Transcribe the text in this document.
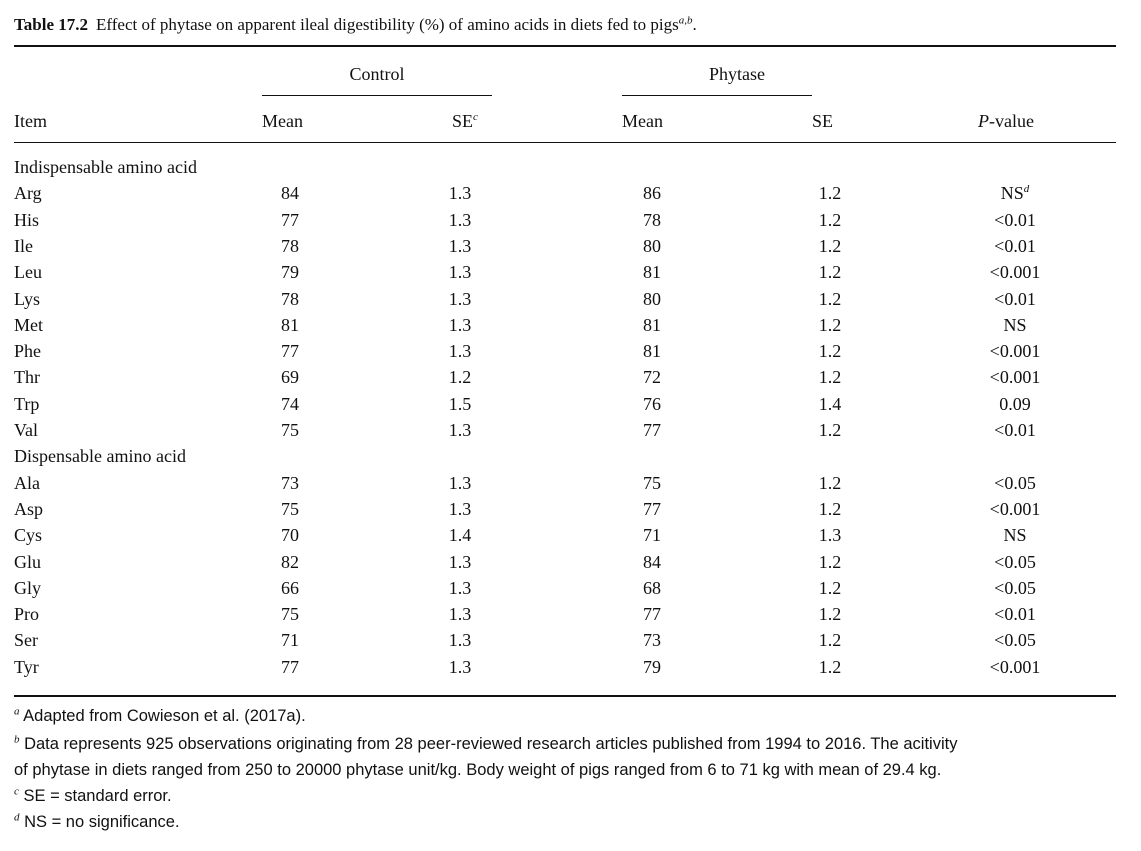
Table 17.2 Effect of phytase on apparent ileal digestibility (%) of amino acids in diets fed to pigs$^{a,b}$.
Control	Phytase
Item	Mean	$SE^c$	Mean	SE	P-value
Indispensable amino acid
Arg	84	1.3	86	1.2	$NS^d$
His	77	1.3	78	1.2	<0.01
Ile	78	1.3	80	1.2	<0.01
Leu	79	1.3	81	1.2	<0.001
Lys	78	1.3	80	1.2	<0.01
Met	81	1.3	81	1.2	NS
Phe	77	1.3	81	1.2	<0.001
Thr	69	1.2	72	1.2	<0.001
Trp	74	1.5	76	1.4	0.09
Val	75	1.3	77	1.2	<0.01
Dispensable amino acid
Ala	73	1.3	75	1.2	<0.05
Asp	75	1.3	77	1.2	<0.001
Cys	70	1.4	71	1.3	NS
Glu	82	1.3	84	1.2	<0.05
Gly	66	1.3	68	1.2	<0.05
Pro	75	1.3	77	1.2	<0.01
Ser	71	1.3	73	1.2	<0.05
Tyr	77	1.3	79	1.2	<0.001
$^a$ Adapted from Cowieson et al. (2017a).
$^b$ Data represents 925 observations originating from 28 peer-reviewed research articles published from 1994 to 2016. The acitivity
of phytase in diets ranged from 250 to 20000 phytase unit/kg. Body weight of pigs ranged from 6 to 71 kg with mean of 29.4 kg.
$^c$ SE = standard error.
$^d$ NS = no significance.
